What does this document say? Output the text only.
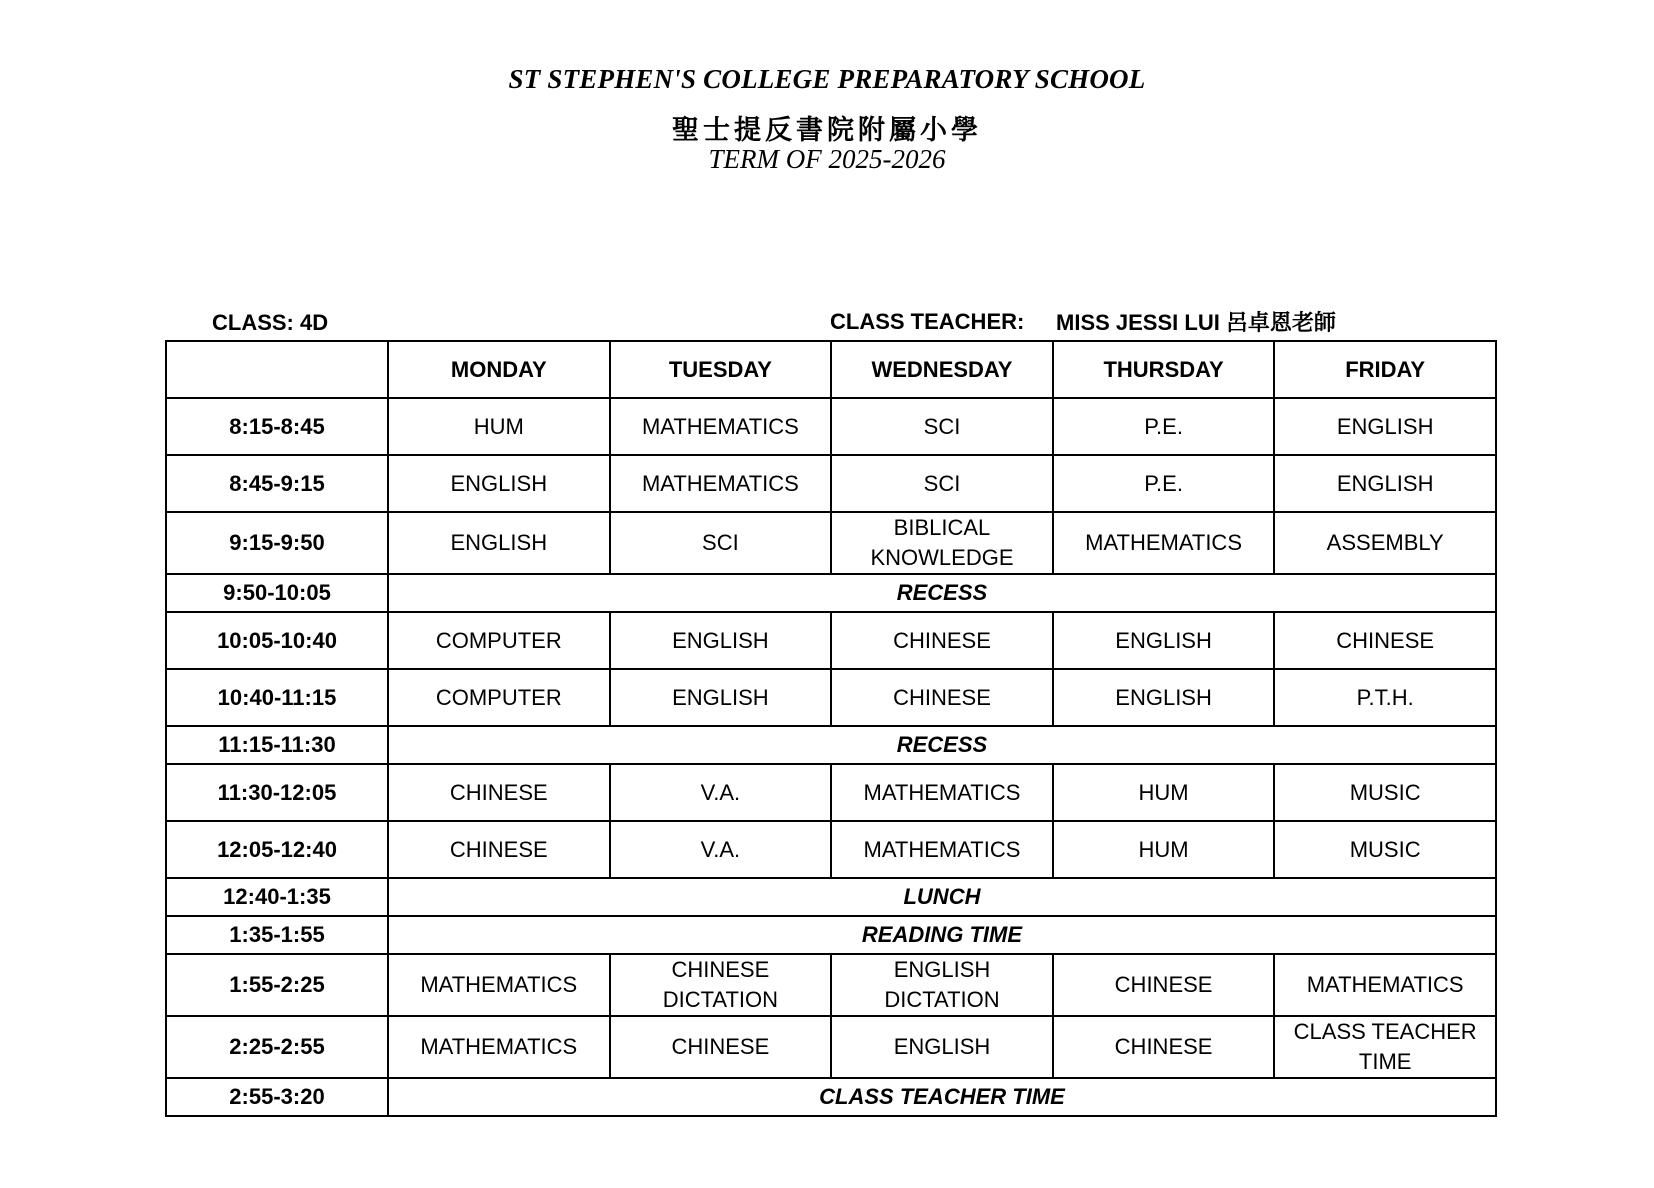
ST STEPHEN'S COLLEGE PREPARATORY SCHOOL
聖士提反書院附屬小學
TERM OF 2025-2026
CLASS: 4D	CLASS TEACHER: MISS JESSI LUI 呂卓恩老師
	MONDAY	TUESDAY	WEDNESDAY	THURSDAY	FRIDAY
8:15-8:45	HUM	MATHEMATICS	SCI	P.E.	ENGLISH
8:45-9:15	ENGLISH	MATHEMATICS	SCI	P.E.	ENGLISH
9:15-9:50	ENGLISH	SCI	BIBLICAL KNOWLEDGE	MATHEMATICS	ASSEMBLY
9:50-10:05	RECESS				
10:05-10:40	COMPUTER	ENGLISH	CHINESE	ENGLISH	CHINESE
10:40-11:15	COMPUTER	ENGLISH	CHINESE	ENGLISH	P.T.H.
11:15-11:30	RECESS				
11:30-12:05	CHINESE	V.A.	MATHEMATICS	HUM	MUSIC
12:05-12:40	CHINESE	V.A.	MATHEMATICS	HUM	MUSIC
12:40-1:35	LUNCH				
1:35-1:55	READING TIME				
1:55-2:25	MATHEMATICS	CHINESE DICTATION	ENGLISH DICTATION	CHINESE	MATHEMATICS
2:25-2:55	MATHEMATICS	CHINESE	ENGLISH	CHINESE	CLASS TEACHER TIME
2:55-3:20	CLASS TEACHER TIME				
